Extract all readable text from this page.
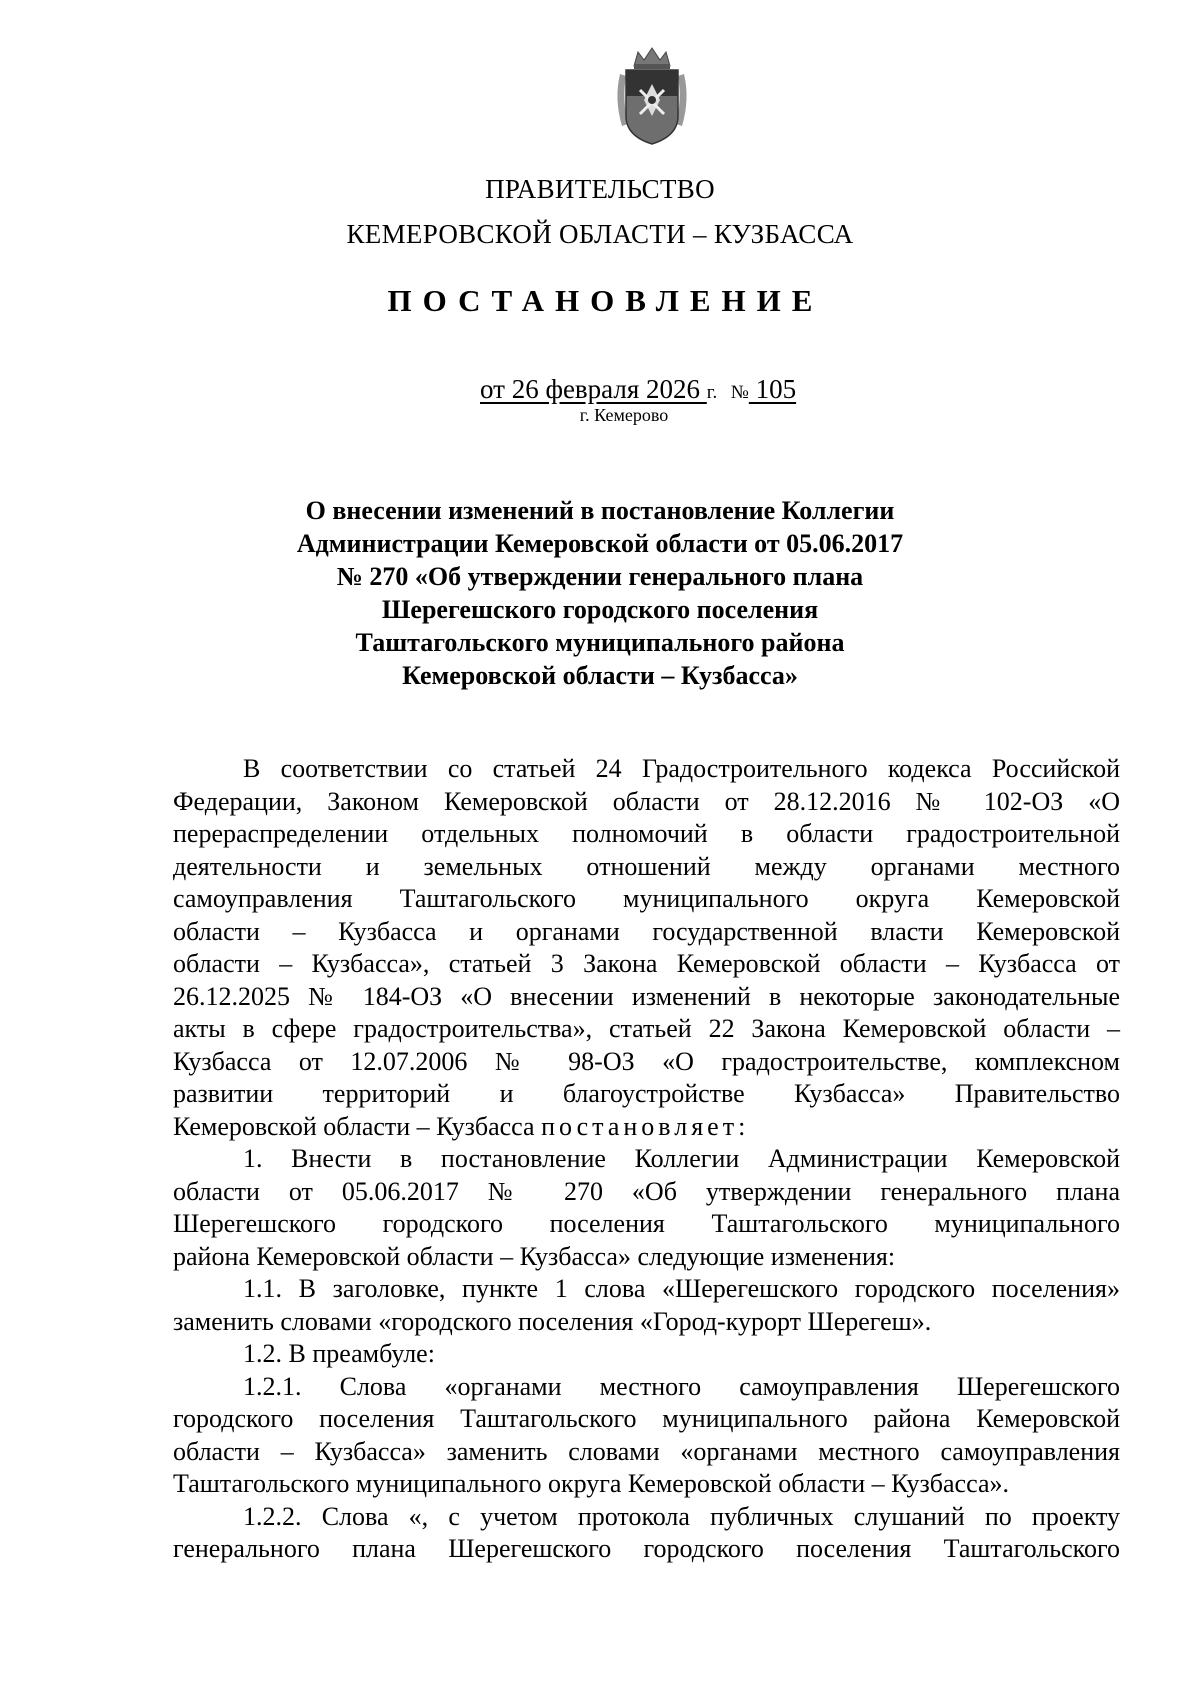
ПРАВИТЕЛЬСТВО
КЕМЕРОВСКОЙ ОБЛАСТИ – КУЗБАССА
ПОСТАНОВЛЕНИЕ
от 26 февраля 2026 г. № 105
г. Кемерово
О внесении изменений в постановление Коллегии
Администрации Кемеровской области от 05.06.2017
№ 270 «Об утверждении генерального плана
Шерегешского городского поселения
Таштагольского муниципального района
Кемеровской области – Кузбасса»
В соответствии со статьей 24 Градостроительного кодекса Российской
Федерации, Законом Кемеровской области от 28.12.2016 № 102-ОЗ «О
перераспределении отдельных полномочий в области градостроительной
деятельности и земельных отношений между органами местного
самоуправления Таштагольского муниципального округа Кемеровской
области – Кузбасса и органами государственной власти Кемеровской
области – Кузбасса», статьей 3 Закона Кемеровской области – Кузбасса от
26.12.2025 № 184-ОЗ «О внесении изменений в некоторые законодательные
акты в сфере градостроительства», статьей 22 Закона Кемеровской области –
Кузбасса от 12.07.2006 № 98-ОЗ «О градостроительстве, комплексном
развитии территорий и благоустройстве Кузбасса» Правительство
Кемеровской области – Кузбасса постановляет:
1. Внести в постановление Коллегии Администрации Кемеровской
области от 05.06.2017 № 270 «Об утверждении генерального плана
Шерегешского городского поселения Таштагольского муниципального
района Кемеровской области – Кузбасса» следующие изменения:
1.1. В заголовке, пункте 1 слова «Шерегешского городского поселения»
заменить словами «городского поселения «Город-курорт Шерегеш».
1.2. В преамбуле:
1.2.1. Слова «органами местного самоуправления Шерегешского
городского поселения Таштагольского муниципального района Кемеровской
области – Кузбасса» заменить словами «органами местного самоуправления
Таштагольского муниципального округа Кемеровской области – Кузбасса».
1.2.2. Слова «, с учетом протокола публичных слушаний по проекту
генерального плана Шерегешского городского поселения Таштагольского
